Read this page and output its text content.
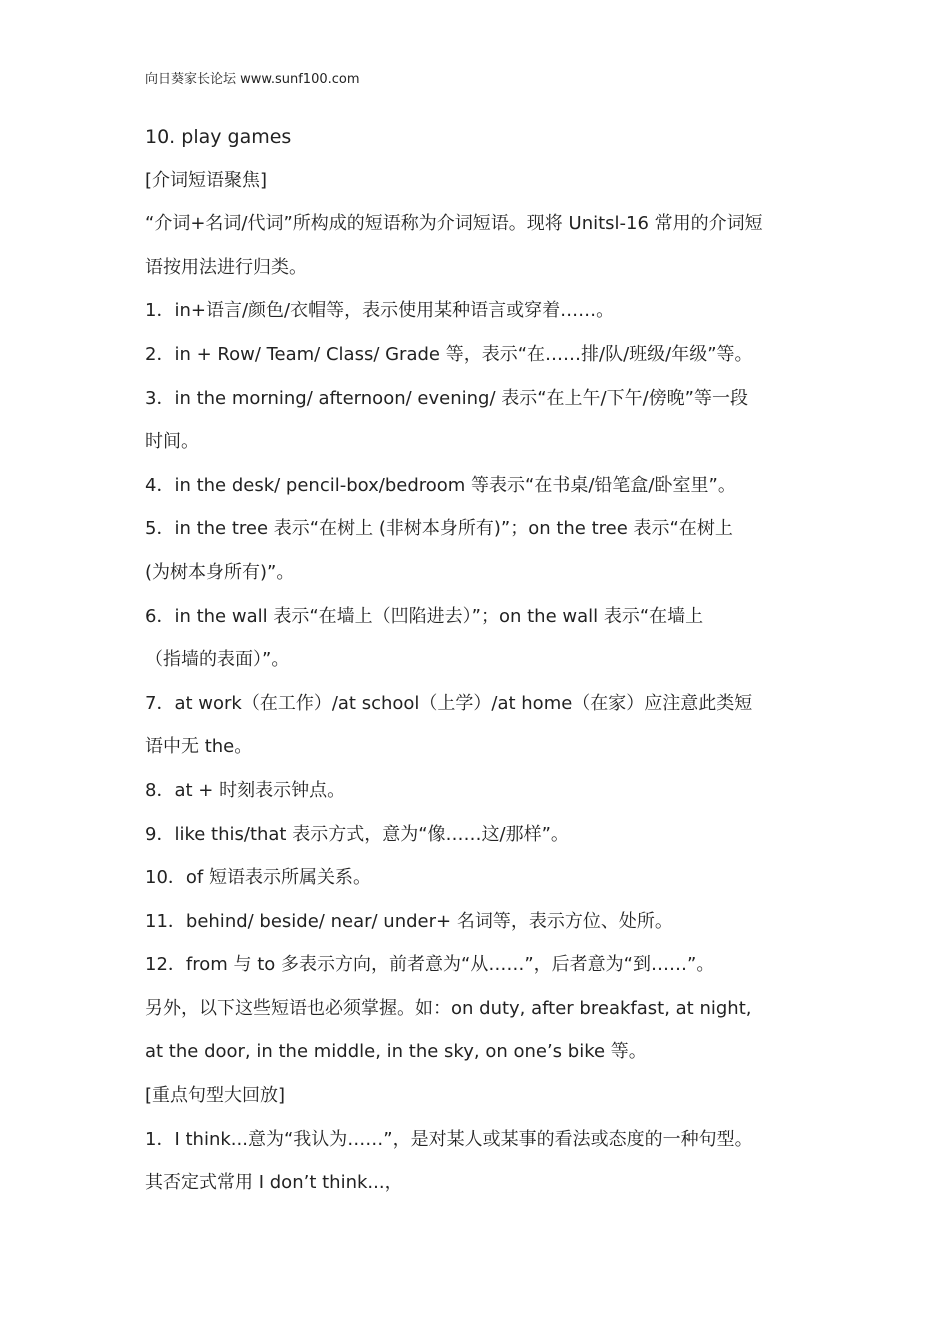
向日葵家长论坛 www.sunf100.com
10. play games
[介词短语聚焦]
“介词+名词/代词”所构成的短语称为介词短语。现将 Unitsl-16 常用的介词短
语按用法进行归类。
1．in+语言/颜色/衣帽等，表示使用某种语言或穿着……。
2．in + Row/ Team/ Class/ Grade 等，表示“在……排/队/班级/年级”等。
3．in the morning/ afternoon/ evening/ 表示“在上午/下午/傍晚”等一段
时间。
4．in the desk/ pencil-box/bedroom 等表示“在书桌/铅笔盒/卧室里”。
5．in the tree 表示“在树上 (非树本身所有)”；on the tree 表示“在树上
(为树本身所有)”。
6．in the wall 表示“在墙上（凹陷进去）”；on the wall 表示“在墙上
（指墙的表面）”。
7．at work（在工作）/at school（上学）/at home（在家）应注意此类短
语中无 the。
8．at + 时刻表示钟点。
9．like this/that 表示方式，意为“像……这/那样”。
10．of 短语表示所属关系。
11．behind/ beside/ near/ under+ 名词等，表示方位、处所。
12．from 与 to 多表示方向，前者意为“从……”，后者意为“到……”。
另外，以下这些短语也必须掌握。如：on duty, after breakfast, at night,
at the door, in the middle, in the sky, on one’s bike 等。
[重点句型大回放]
1．I think...意为“我认为……”，是对某人或某事的看法或态度的一种句型。
其否定式常用 I don’t think...，
